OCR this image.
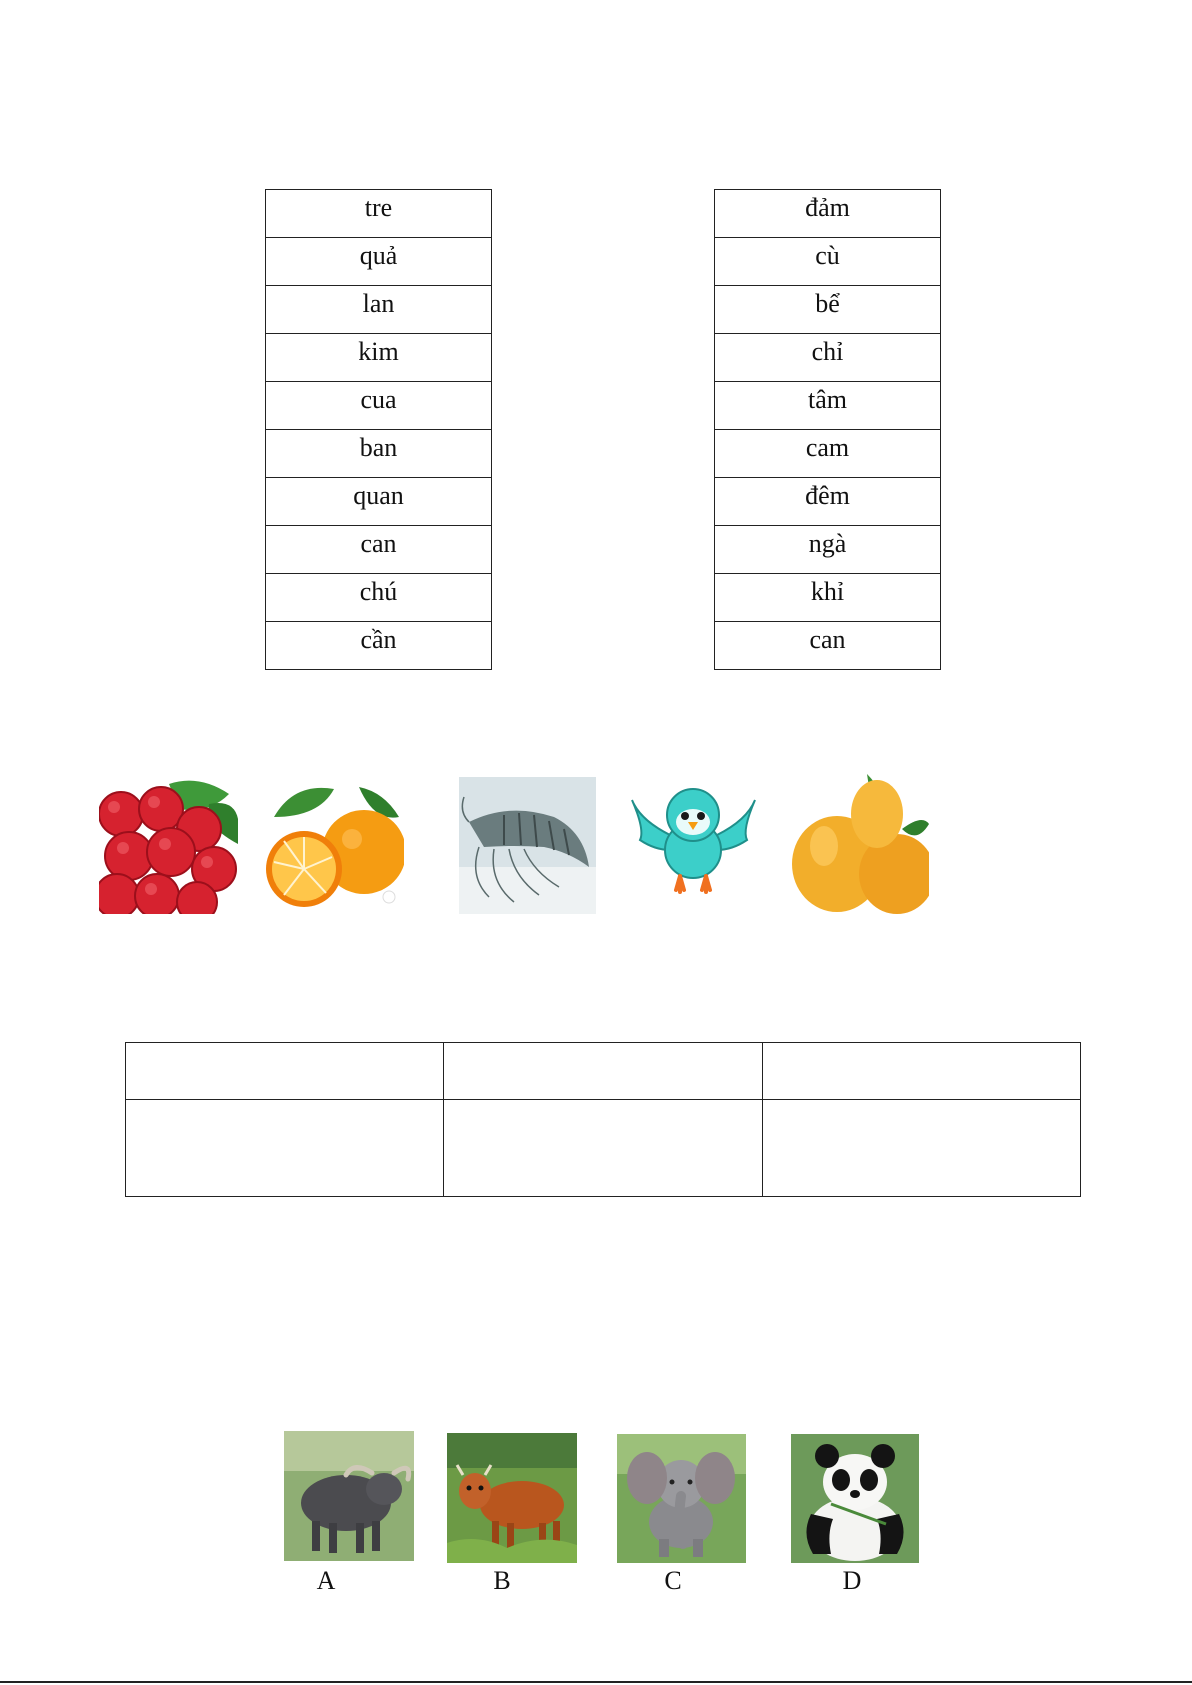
tre
quả
lan
kim
cua
ban
quan
can
chú
cần
đảm
cù
bể
chỉ
tâm
cam
đêm
ngà
khỉ
can

A	B	C	D
